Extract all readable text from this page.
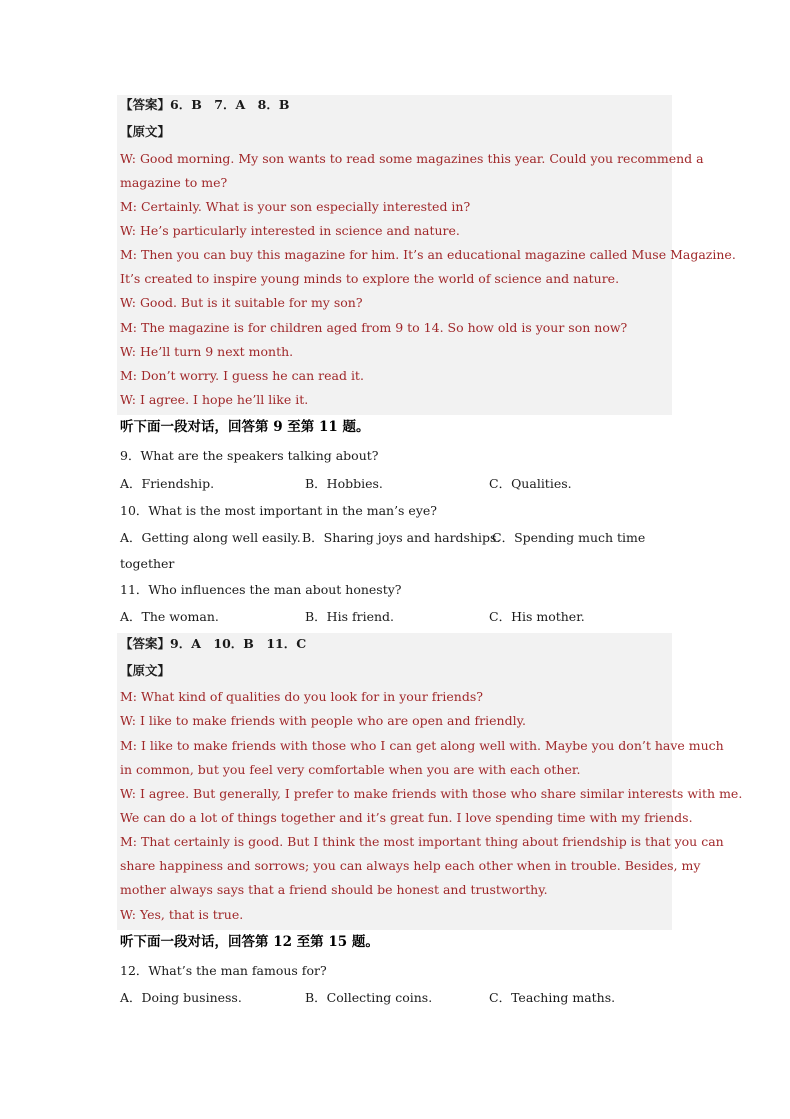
【答案】6．B　7．A　8．B
【原文】
W: Good morning. My son wants to read some magazines this year. Could you recommend a
magazine to me?
M: Certainly. What is your son especially interested in?
W: He’s particularly interested in science and nature.
M: Then you can buy this magazine for him. It’s an educational magazine called Muse Magazine.
It’s created to inspire young minds to explore the world of science and nature.
W: Good. But is it suitable for my son?
M: The magazine is for children aged from 9 to 14. So how old is your son now?
W: He’ll turn 9 next month.
M: Don’t worry. I guess he can read it.
W: I agree. I hope he’ll like it.
听下面一段对话，回答第 9 至第 11 题。
9．What are the speakers talking about?
A．Friendship.	B．Hobbies.	C．Qualities.
10．What is the most important in the man’s eye?
A．Getting along well easily. B．Sharing joys and hardships.
C．Spending much time
together
11．Who influences the man about honesty?
A．The woman.	B．His friend.	C．His mother.
【答案】9．A　10．B　11．C
【原文】
M: What kind of qualities do you look for in your friends?
W: I like to make friends with people who are open and friendly.
M: I like to make friends with those who I can get along well with. Maybe you don’t have much
in common, but you feel very comfortable when you are with each other.
W: I agree. But generally, I prefer to make friends with those who share similar interests with me.
We can do a lot of things together and it’s great fun. I love spending time with my friends.
M: That certainly is good. But I think the most important thing about friendship is that you can
share happiness and sorrows; you can always help each other when in trouble. Besides, my
mother always says that a friend should be honest and trustworthy.
W: Yes, that is true.
听下面一段对话，回答第 12 至第 15 题。
12．What’s the man famous for?
A．Doing business.	B．Collecting coins.	C．Teaching maths.
